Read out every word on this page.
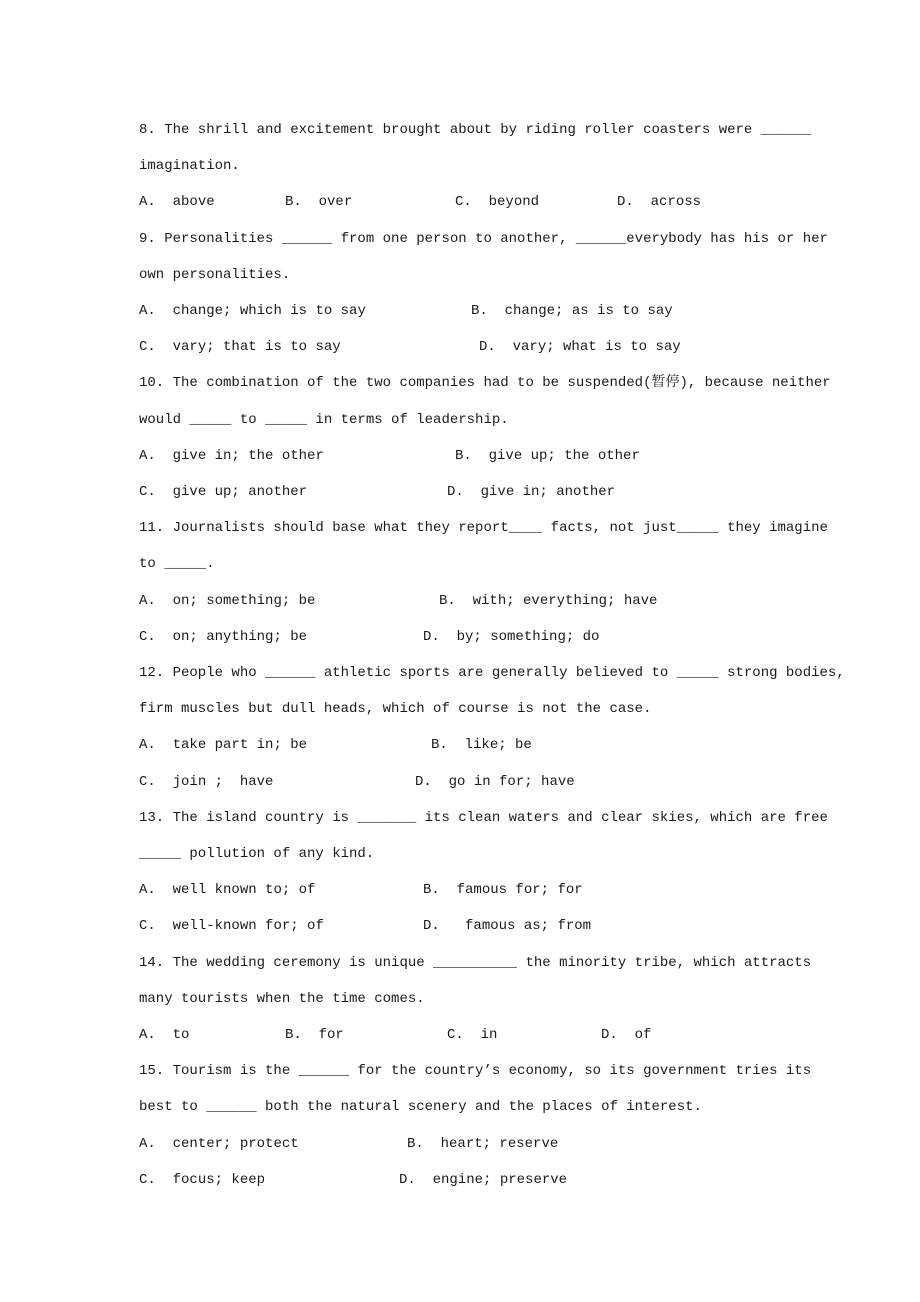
8. The shrill and excitement brought about by riding roller coasters were ______
imagination.
A. above	B. over	C. beyond	D. across
9. Personalities ______ from one person to another, ______everybody has his or her
own personalities.
A. change; which is to say	B. change; as is to say
C. vary; that is to say	D. vary; what is to say
10. The combination of the two companies had to be suspended(暂停), because neither
would _____ to _____ in terms of leadership.
A. give in; the other	B. give up; the other
C. give up; another	D. give in; another
11. Journalists should base what they report____ facts, not just_____ they imagine
to _____.
A. on; something; be	B. with; everything; have
C. on; anything; be	D. by; something; do
12. People who ______ athletic sports are generally believed to _____ strong bodies,
firm muscles but dull heads, which of course is not the case.
A. take part in; be	B. like; be
C. join ;  have	D. go in for; have
13. The island country is _______ its clean waters and clear skies, which are free
_____ pollution of any kind.
A. well known to; of	B. famous for; for
C. well-known for; of	D.   famous as; from
14. The wedding ceremony is unique __________ the minority tribe, which attracts
many tourists when the time comes.
A. to	B. for	C. in	D. of
15. Tourism is the ______ for the country’s economy, so its government tries its
best to ______ both the natural scenery and the places of interest.
A. center; protect	B. heart; reserve
C. focus; keep	D. engine; preserve
